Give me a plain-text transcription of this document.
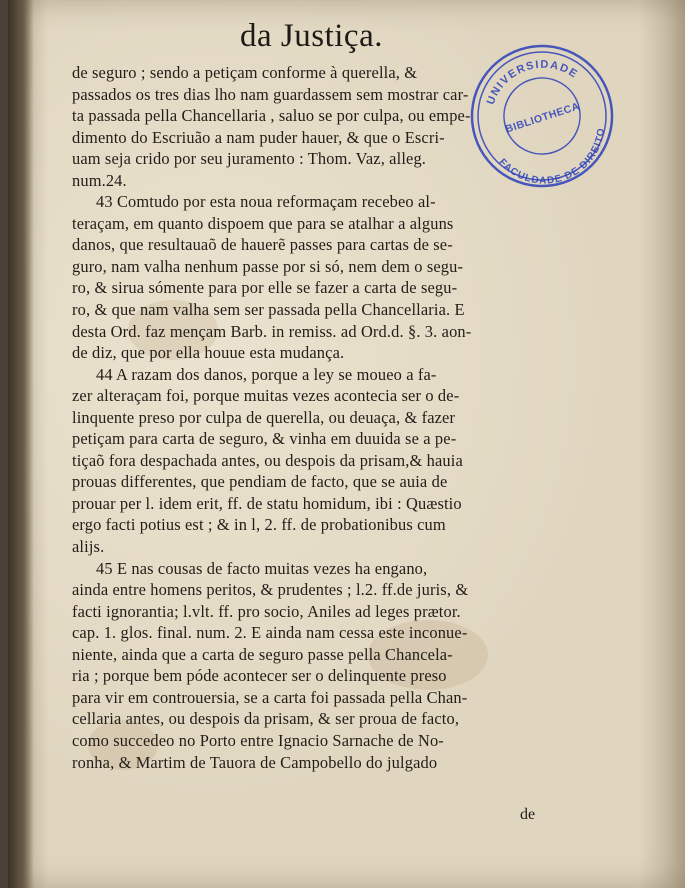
da Justiça.
de seguro ; sendo a petiçam conforme à querella, &
passados os tres dias lho nam guardassem sem mostrar car-
ta passada pella Chancellaria , saluo se por culpa, ou empe-
dimento do Escriuão a nam puder hauer, & que o Escri-
uam seja crido por seu juramento : Thom. Vaz, alleg.
num.24.
43 Comtudo por esta noua reformaçam recebeo al-
teraçam, em quanto dispoem que para se atalhar a alguns
danos, que resultauaõ de hauerẽ passes para cartas de se-
guro, nam valha nenhum passe por si só, nem dem o segu-
ro, & sirua sómente para por elle se fazer a carta de segu-
ro, & que nam valha sem ser passada pella Chancellaria. E
desta Ord. faz mençam Barb. in remiss. ad Ord.d. §. 3. aon-
de diz, que por ella houue esta mudança.
44 A razam dos danos, porque a ley se moueo a fa-
zer alteraçam foi, porque muitas vezes acontecia ser o de-
linquente preso por culpa de querella, ou deuaça, & fazer
petiçam para carta de seguro, & vinha em duuida se a pe-
tiçaõ fora despachada antes, ou despois da prisam,& hauia
prouas differentes, que pendiam de facto, que se auia de
prouar per l. idem erit, ff. de statu homidum, ibi : Quæstio
ergo facti potius est ; & in l, 2. ff. de probationibus cum
alijs.
45 E nas cousas de facto muitas vezes ha engano,
ainda entre homens peritos, & prudentes ; l.2. ff.de juris, &
facti ignorantia; l.vlt. ff. pro socio, Aniles ad leges prætor.
cap. 1. glos. final. num. 2. E ainda nam cessa este inconue-
niente, ainda que a carta de seguro passe pella Chancela-
ria ; porque bem póde acontecer ser o delinquente preso
para vir em controuersia, se a carta foi passada pella Chan-
cellaria antes, ou despois da prisam, & ser proua de facto,
como succedeo no Porto entre Ignacio Sarnache de No-
ronha, & Martim de Tauora de Campobello do julgado
de
UNIVERSIDADE
FACULDADE DE DIREITO
BIBLIOTHECA
